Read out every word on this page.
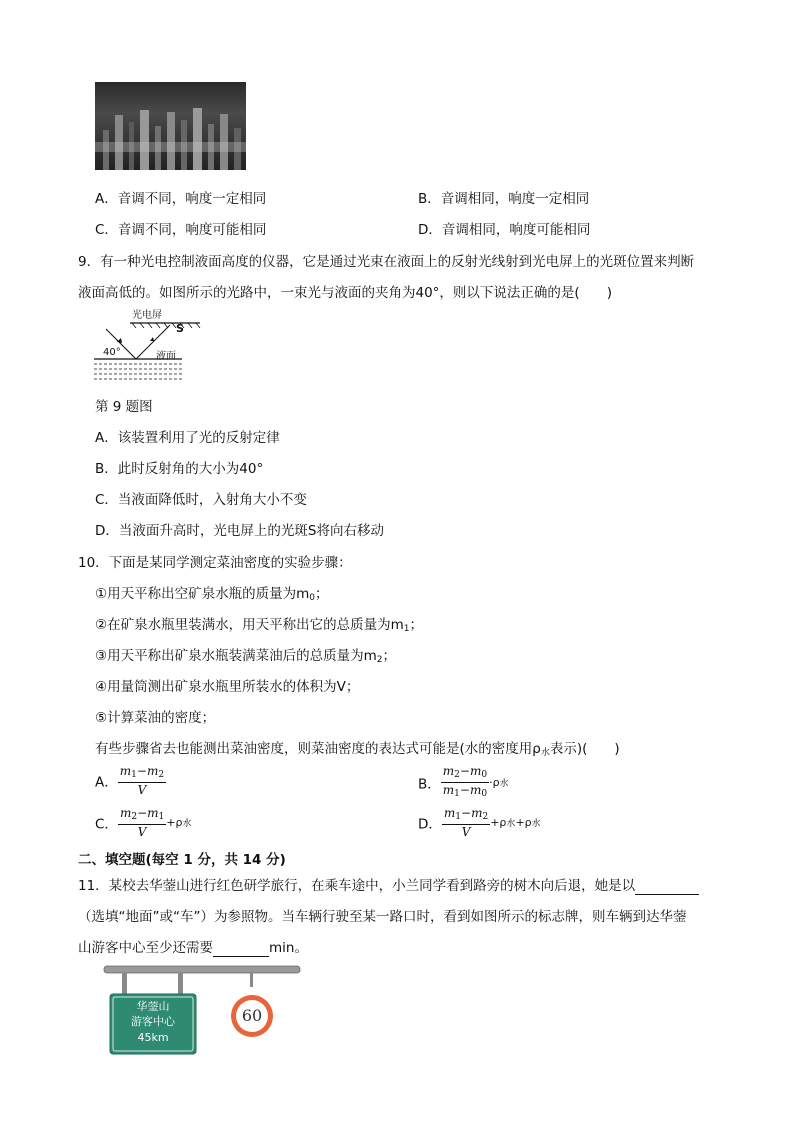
A．音调不同，响度一定相同	B．音调相同，响度一定相同
C．音调不同，响度可能相同	D．音调相同，响度可能相同
9．有一种光电控制液面高度的仪器，它是通过光束在液面上的反射光线射到光电屏上的光斑位置来判断
液面高低的。如图所示的光路中，一束光与液面的夹角为40°，则以下说法正确的是(　　)
光电屏
S
40°	液面
第 9 题图
A．该装置利用了光的反射定律
B．此时反射角的大小为40°
C．当液面降低时，入射角大小不变
D．当液面升高时，光电屏上的光斑S将向右移动
10．下面是某同学测定菜油密度的实验步骤：
①用天平称出空矿泉水瓶的质量为$m_0$；
②在矿泉水瓶里装满水，用天平称出它的总质量为$m_1$；
③用天平称出矿泉水瓶装满菜油后的总质量为$m_2$；
④用量筒测出矿泉水瓶里所装水的体积为V；
⑤计算菜油的密度；
有些步骤省去也能测出菜油密度，则菜油密度的表达式可能是(水的密度用$\rho_水$表示)(　　)
A． $\frac{m_1-m_2}{V}$	B． $\frac{m_2-m_0}{m_1-m_0} \cdot\rho$水
C． $\frac{m_2-m_1}{V} +\rho$水	D． $\frac{m_1-m_2}{V} +\rho$水+ρ水
二、填空题(每空 1 分，共 14 分)
11．某校去华蓥山进行红色研学旅行，在乘车途中，小兰同学看到路旁的树木向后退，她是以
（选填“地面”或“车”）为参照物。当车辆行驶至某一路口时，看到如图所示的标志牌，则车辆到达华蓥
山游客中心至少还需要	min。
华蓥山
游客中心
45km
60
